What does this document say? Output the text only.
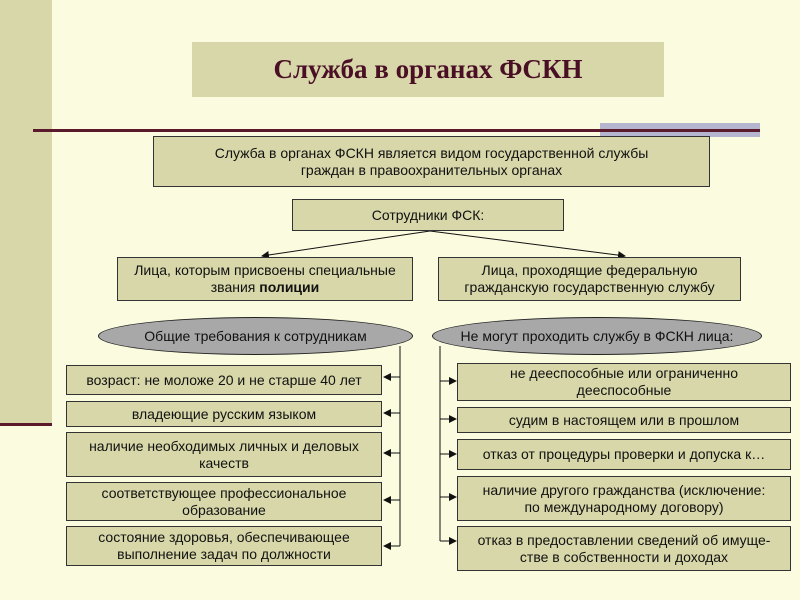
Служба в органах ФСКН
Служба в органах ФСКН является видом государственной службы
граждан в правоохранительных органах
Сотрудники ФСК:
Лица, которым присвоены специальные
звания полиции
Лица, проходящие федеральную
гражданскую государственную службу
Общие требования к сотрудникам	Не могут проходить службу в ФСКН лица:
возраст: не моложе 20 и не старше 40 лет
владеющие русским языком
наличие необходимых личных и деловых
качеств
соответствующее профессиональное
образование
состояние здоровья, обеспечивающее
выполнение задач по должности
не дееспособные или ограниченно
дееспособные
судим в настоящем или в прошлом
отказ от процедуры проверки и допуска к…
наличие другого гражданства (исключение:
по международному договору)
отказ в предоставлении сведений об имуще-
стве в собственности и доходах
